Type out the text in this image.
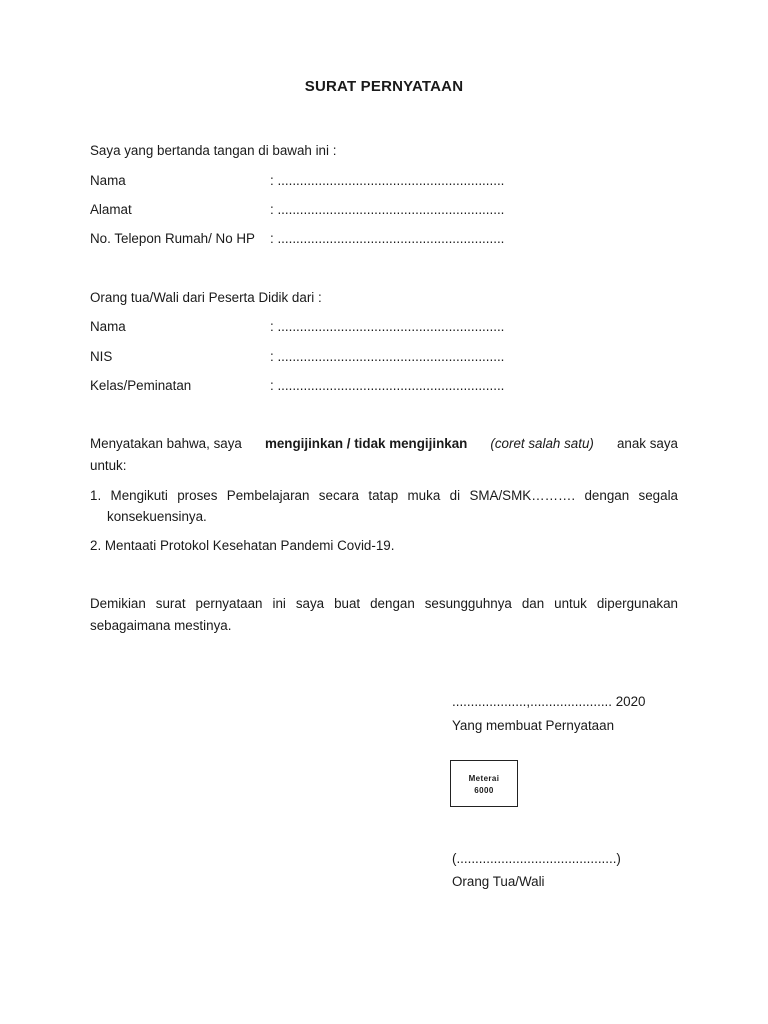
SURAT PERNYATAAN
Saya yang bertanda tangan di bawah ini :
Nama	: .............................................................
Alamat	: .............................................................
No. Telepon Rumah/ No HP : .............................................................
Orang tua/Wali dari Peserta Didik dari :
Nama	: .............................................................
NIS	: .............................................................
Kelas/Peminatan	: .............................................................
Menyatakan bahwa, saya mengijinkan / tidak mengijinkan (coret salah satu) anak saya
untuk:
1. Mengikuti proses Pembelajaran secara tatap muka di SMA/SMK………. dengan segala
konsekuensinya.
2. Mentaati Protokol Kesehatan Pandemi Covid-19.
Demikian surat pernyataan ini saya buat dengan sesungguhnya dan untuk dipergunakan
sebagaimana mestinya.
....................,...................... 2020
Yang membuat Pernyataan
Meterai
6000
(...........................................)
Orang Tua/Wali
